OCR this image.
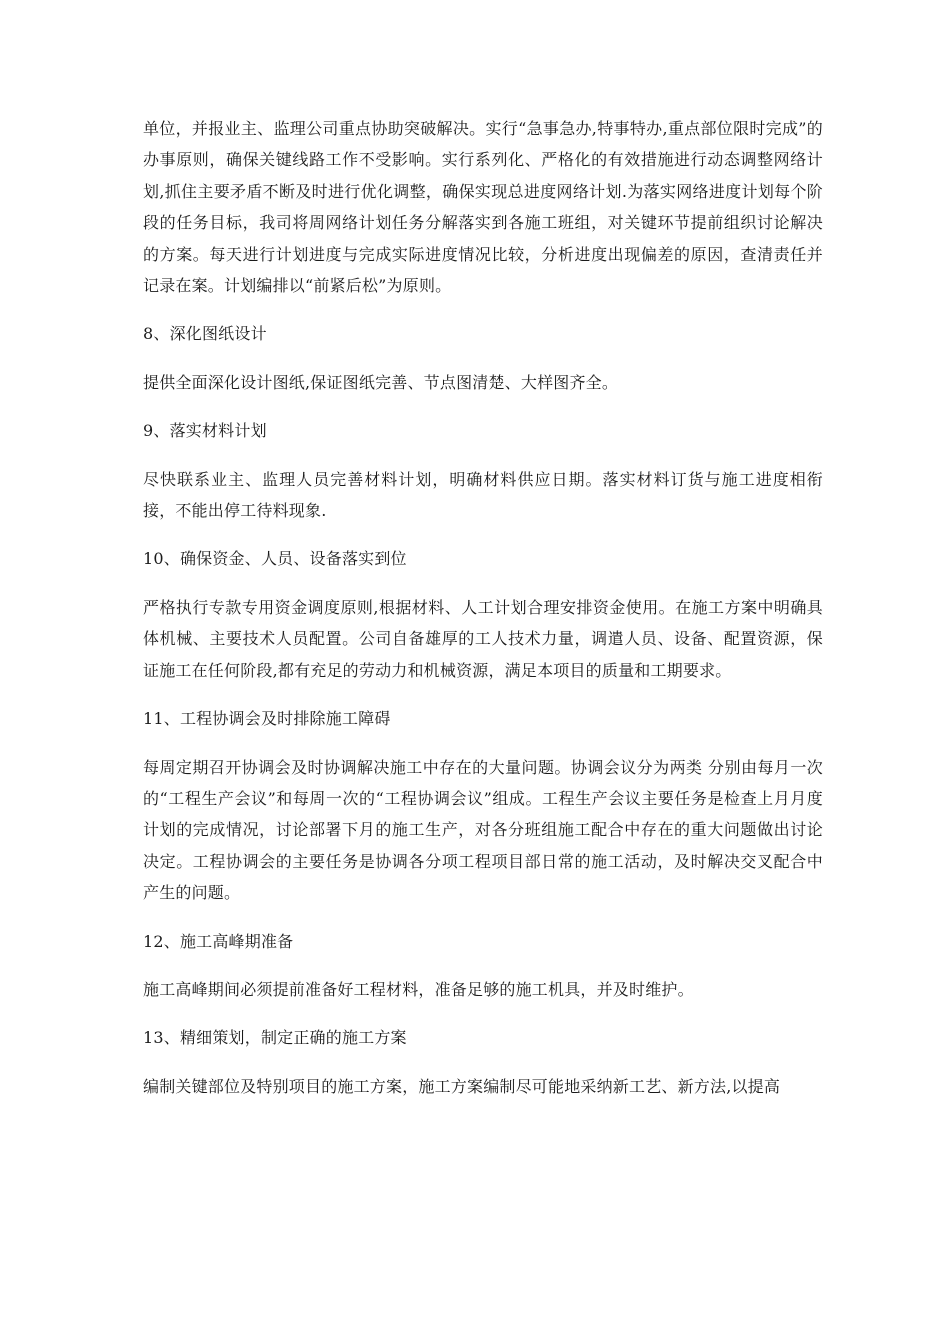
单位，并报业主、监理公司重点协助突破解决。实行“急事急办,特事特办,重点部位限时完成”的办事原则，确保关键线路工作不受影响。实行系列化、严格化的有效措施进行动态调整网络计划,抓住主要矛盾不断及时进行优化调整，确保实现总进度网络计划.为落实网络进度计划每个阶段的任务目标，我司将周网络计划任务分解落实到各施工班组，对关键环节提前组织讨论解决的方案。每天进行计划进度与完成实际进度情况比较，分析进度出现偏差的原因，查清责任并记录在案。计划编排以“前紧后松”为原则。

8、深化图纸设计

提供全面深化设计图纸,保证图纸完善、节点图清楚、大样图齐全。

9、落实材料计划

尽快联系业主、监理人员完善材料计划，明确材料供应日期。落实材料订货与施工进度相衔接，不能出停工待料现象.

10、确保资金、人员、设备落实到位

严格执行专款专用资金调度原则,根据材料、人工计划合理安排资金使用。在施工方案中明确具体机械、主要技术人员配置。公司自备雄厚的工人技术力量，调遣人员、设备、配置资源，保证施工在任何阶段,都有充足的劳动力和机械资源，满足本项目的质量和工期要求。

11、工程协调会及时排除施工障碍

每周定期召开协调会及时协调解决施工中存在的大量问题。协调会议分为两类 分别由每月一次的“工程生产会议”和每周一次的“工程协调会议”组成。工程生产会议主要任务是检查上月月度计划的完成情况，讨论部署下月的施工生产，对各分班组施工配合中存在的重大问题做出讨论决定。工程协调会的主要任务是协调各分项工程项目部日常的施工活动，及时解决交叉配合中产生的问题。

12、施工高峰期准备

施工高峰期间必须提前准备好工程材料，准备足够的施工机具，并及时维护。

13、精细策划，制定正确的施工方案

编制关键部位及特别项目的施工方案，施工方案编制尽可能地采纳新工艺、新方法,以提高
